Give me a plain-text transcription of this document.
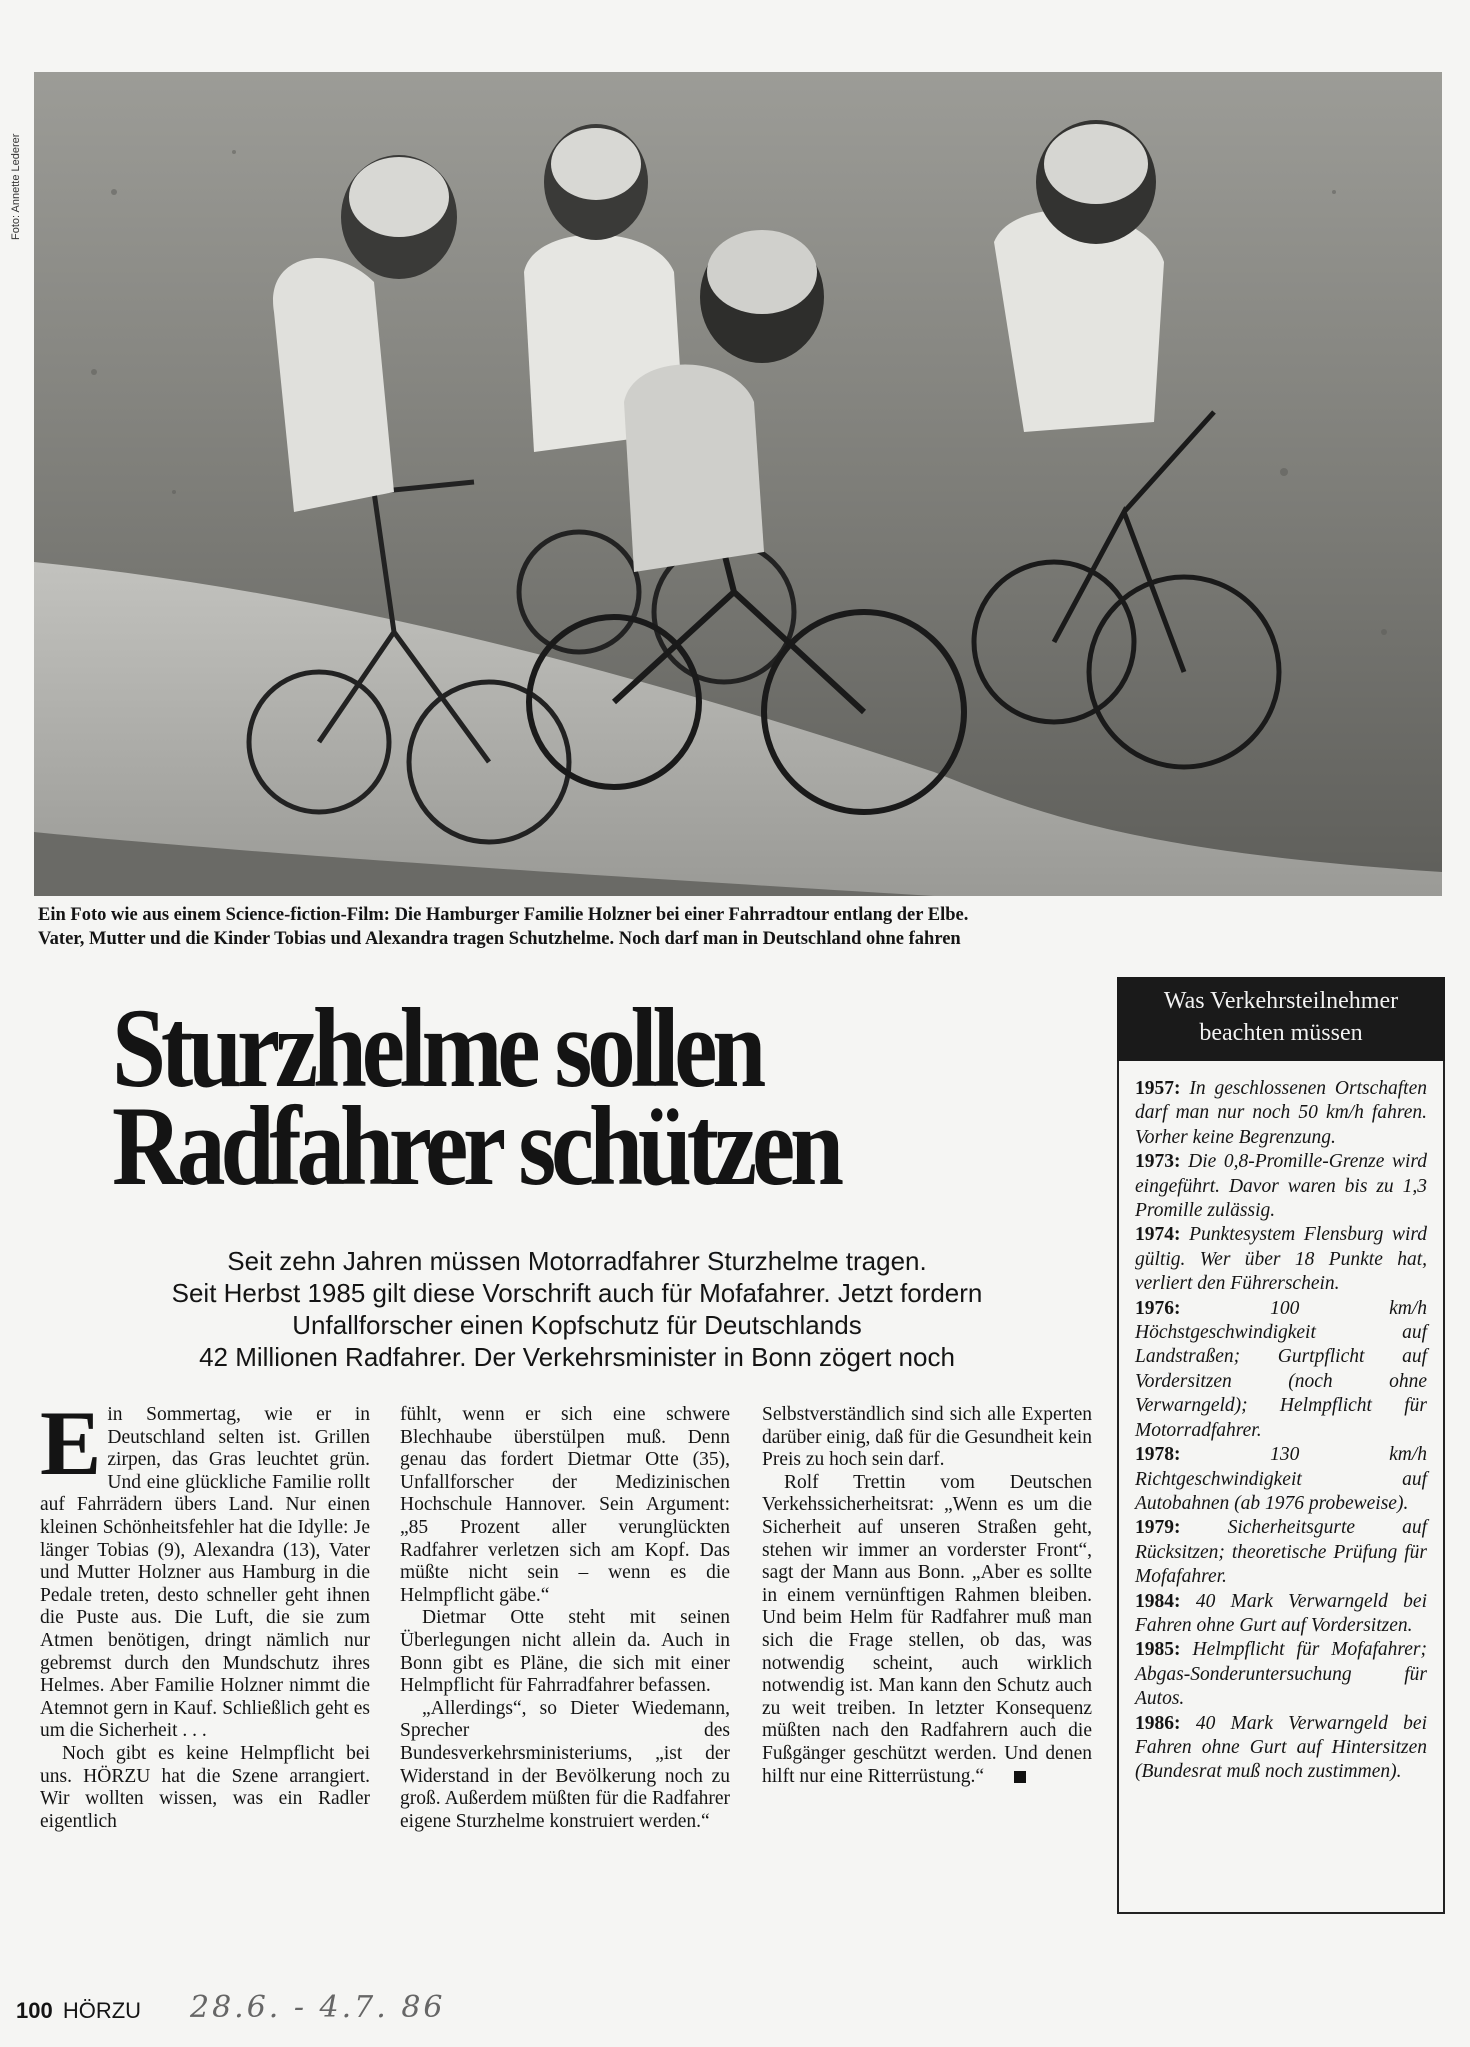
Foto: Annette Lederer
Ein Foto wie aus einem Science-fiction-Film: Die Hamburger Familie Holzner bei einer Fahrradtour entlang der Elbe.
Vater, Mutter und die Kinder Tobias und Alexandra tragen Schutzhelme. Noch darf man in Deutschland ohne fahren
Sturzhelme sollen
Radfahrer schützen
Seit zehn Jahren müssen Motorradfahrer Sturzhelme tragen.
Seit Herbst 1985 gilt diese Vorschrift auch für Mofafahrer. Jetzt fordern
Unfallforscher einen Kopfschutz für Deutschlands
42 Millionen Radfahrer. Der Verkehrsminister in Bonn zögert noch

Ein Sommertag, wie er in Deutschland selten ist. Grillen zirpen, das Gras leuchtet grün. Und eine glückliche Familie rollt auf Fahrrädern übers Land. Nur einen kleinen Schönheitsfehler hat die Idylle: Je länger Tobias (9), Alexandra (13), Vater und Mutter Holzner aus Hamburg in die Pedale treten, desto schneller geht ihnen die Puste aus. Die Luft, die sie zum Atmen benötigen, dringt nämlich nur gebremst durch den Mundschutz ihres Helmes. Aber Familie Holzner nimmt die Atemnot gern in Kauf. Schließlich geht es um die Sicherheit . . .

Noch gibt es keine Helmpflicht bei uns. HÖRZU hat die Szene arrangiert. Wir wollten wissen, was ein Radler eigentlich

fühlt, wenn er sich eine schwere Blechhaube überstülpen muß. Denn genau das fordert Dietmar Otte (35), Unfallforscher der Medizinischen Hochschule Hannover. Sein Argument: „85 Prozent aller verunglückten Radfahrer verletzen sich am Kopf. Das müßte nicht sein – wenn es die Helmpflicht gäbe.“

Dietmar Otte steht mit seinen Überlegungen nicht allein da. Auch in Bonn gibt es Pläne, die sich mit einer Helmpflicht für Fahrradfahrer befassen.

„Allerdings“, so Dieter Wiedemann, Sprecher des Bundesverkehrsministeriums, „ist der Widerstand in der Bevölkerung noch zu groß. Außerdem müßten für die Radfahrer eigene Sturzhelme konstruiert werden.“

Selbstverständlich sind sich alle Experten darüber einig, daß für die Gesundheit kein Preis zu hoch sein darf.

Rolf Trettin vom Deutschen Verkehssicherheitsrat: „Wenn es um die Sicherheit auf unseren Straßen geht, stehen wir immer an vorderster Front“, sagt der Mann aus Bonn. „Aber es sollte in einem vernünftigen Rahmen bleiben. Und beim Helm für Radfahrer muß man sich die Frage stellen, ob das, was notwendig scheint, auch wirklich notwendig ist. Man kann den Schutz auch zu weit treiben. In letzter Konsequenz müßten nach den Radfahrern auch die Fußgänger geschützt werden. Und denen hilft nur eine Ritterrüstung.“

Was Verkehrsteilnehmer
beachten müssen

1957: In geschlossenen Ortschaften darf man nur noch 50 km/h fahren. Vorher keine Begrenzung.

1973: Die 0,8-Promille-Grenze wird eingeführt. Davor waren bis zu 1,3 Promille zulässig.

1974: Punktesystem Flensburg wird gültig. Wer über 18 Punkte hat, verliert den Führerschein.

1976: 100 km/h Höchstgeschwindigkeit auf Landstraßen; Gurtpflicht auf Vordersitzen (noch ohne Verwarngeld); Helmpflicht für Motorradfahrer.

1978: 130 km/h Richtgeschwindigkeit auf Autobahnen (ab 1976 probeweise).

1979: Sicherheitsgurte auf Rücksitzen; theoretische Prüfung für Mofafahrer.

1984: 40 Mark Verwarngeld bei Fahren ohne Gurt auf Vordersitzen.

1985: Helmpflicht für Mofafahrer; Abgas-Sonderuntersuchung für Autos.

1986: 40 Mark Verwarngeld bei Fahren ohne Gurt auf Hintersitzen (Bundesrat muß noch zustimmen).

100 HÖRZU 28.6. - 4.7. 86
